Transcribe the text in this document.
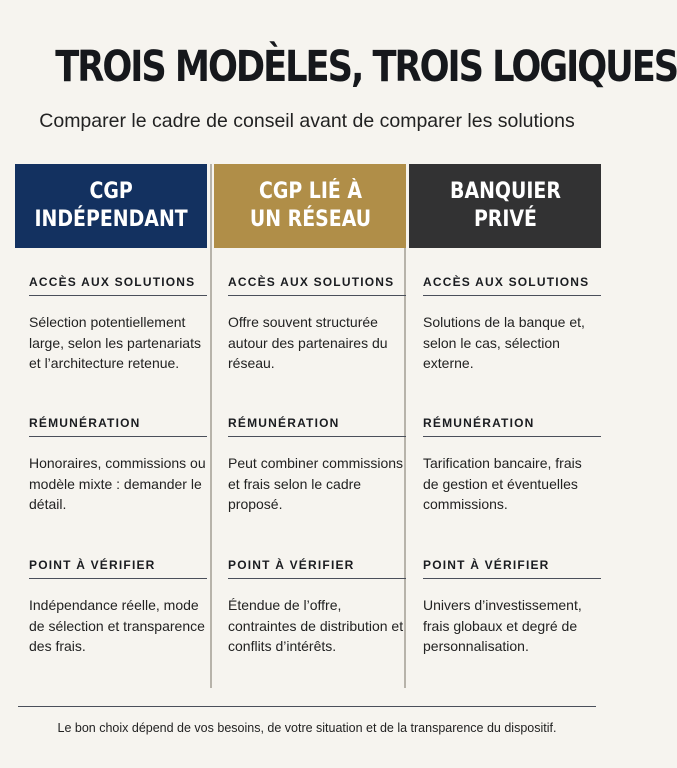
TROIS MODÈLES, TROIS LOGIQUES
Comparer le cadre de conseil avant de comparer les solutions
CGP
INDÉPENDANT
ACCÈS AUX SOLUTIONS
Sélection potentiellement large, selon les partenariats et l’architecture retenue.
RÉMUNÉRATION
Honoraires, commissions ou modèle mixte : demander le détail.
POINT À VÉRIFIER
Indépendance réelle, mode de sélection et transparence des frais.
CGP LIÉ À
UN RÉSEAU
ACCÈS AUX SOLUTIONS
Offre souvent structurée autour des partenaires du réseau.
RÉMUNÉRATION
Peut combiner commissions et frais selon le cadre proposé.
POINT À VÉRIFIER
Étendue de l’offre, contraintes de distribution et conflits d’intérêts.
BANQUIER
PRIVÉ
ACCÈS AUX SOLUTIONS
Solutions de la banque et, selon le cas, sélection externe.
RÉMUNÉRATION
Tarification bancaire, frais de gestion et éventuelles commissions.
POINT À VÉRIFIER
Univers d’investissement, frais globaux et degré de personnalisation.
Le bon choix dépend de vos besoins, de votre situation et de la transparence du dispositif.
